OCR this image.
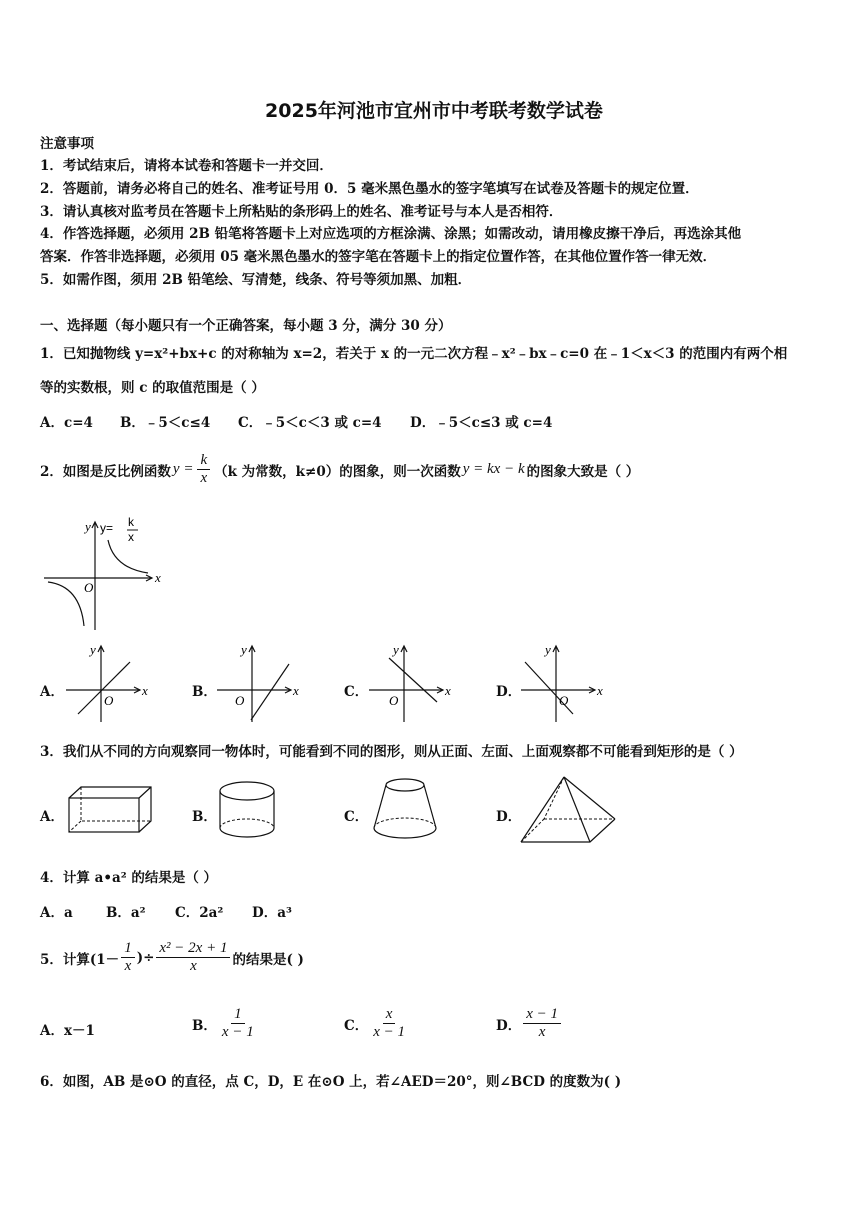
2025年河池市宜州市中考联考数学试卷
注意事项
1．考试结束后，请将本试卷和答题卡一并交回．
2．答题前，请务必将自己的姓名、准考证号用 0．5 毫米黑色墨水的签字笔填写在试卷及答题卡的规定位置．
3．请认真核对监考员在答题卡上所粘贴的条形码上的姓名、准考证号与本人是否相符．
4．作答选择题，必须用 2B 铅笔将答题卡上对应选项的方框涂满、涂黑；如需改动，请用橡皮擦干净后，再选涂其他
答案．作答非选择题，必须用 05 毫米黑色墨水的签字笔在答题卡上的指定位置作答，在其他位置作答一律无效．
5．如需作图，须用 2B 铅笔绘、写清楚，线条、符号等须加黑、加粗．
一、选择题（每小题只有一个正确答案，每小题 3 分，满分 30 分）
1．已知抛物线 y=x²+bx+c 的对称轴为 x=2，若关于 x 的一元二次方程﹣x²﹣bx﹣c=0 在﹣1＜x＜3 的范围内有两个相
等的实数根，则 c 的取值范围是（ ）
A．c=4 B．﹣5＜c≤4 C．﹣5＜c＜3 或 c=4 D．﹣5＜c≤3 或 c=4
2．如图是反比例函数 $y = \frac{k}{x} (k$ 为常数，k≠0）的图象，则一次函数 y = kx − k 的图象大致是（ ）
y
x
O
y= k
x
A．
y
x
O
B．
y
x
O
C．
y
x
O
D．
y
x
O
3．我们从不同的方向观察同一物体时，可能看到不同的图形，则从正面、左面、上面观察都不可能看到矩形的是（ ）
A．	B．	C．	D．
4．计算 a•a² 的结果是（ ）
A．a B．a² C．2a² D．a³
5．计算($1- \frac{1}{x}$ )÷ $\frac{\text{x² − 2x + 1}}{x}$ 的结果是( )
A．x－1	B． $\frac{1}{x - 1}$	C． $\frac{x}{x - 1}$	D． $\frac{x - 1}{x}$
6．如图，AB 是⊙O 的直径，点 C，D，E 在⊙O 上，若∠AED＝20°，则∠BCD 的度数为( )
